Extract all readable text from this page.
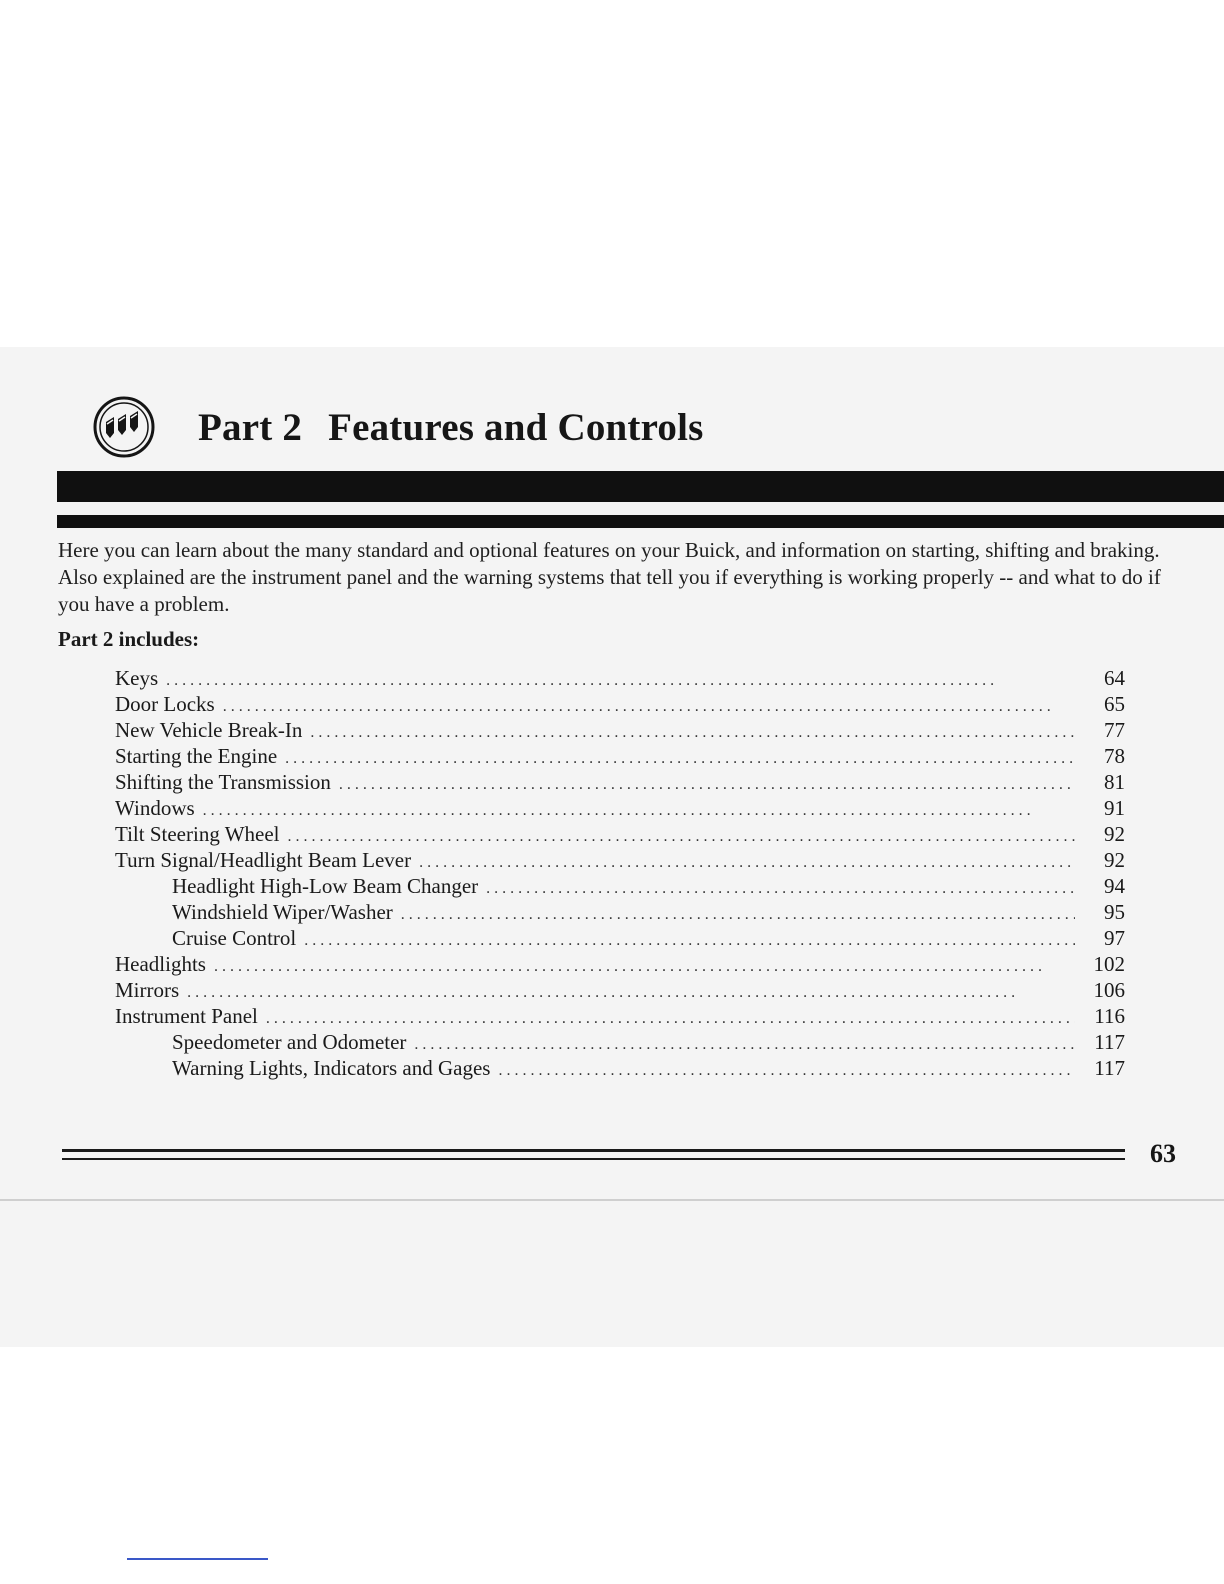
Part 2 Features and Controls

Here you can learn about the many standard and optional features on your Buick, and information on starting, shifting and braking. Also explained are the instrument panel and the warning systems that tell you if everything is working properly -- and what to do if you have a problem.

Part 2 includes:

Keys . . .	64
Door Locks . . .	65
New Vehicle Break-In . . .	77
Starting the Engine . . .	78
Shifting the Transmission . . .	81
Windows . . .	91
Tilt Steering Wheel . . .	92
Turn Signal/Headlight Beam Lever . . .	92
Headlight High-Low Beam Changer . . .	94
Windshield Wiper/Washer . . .	95
Cruise Control . . .	97
Headlights . . .	102
Mirrors . . .	106
Instrument Panel . . .	116
Speedometer and Odometer . . .	117
Warning Lights, Indicators and Gages . . .	117
63
